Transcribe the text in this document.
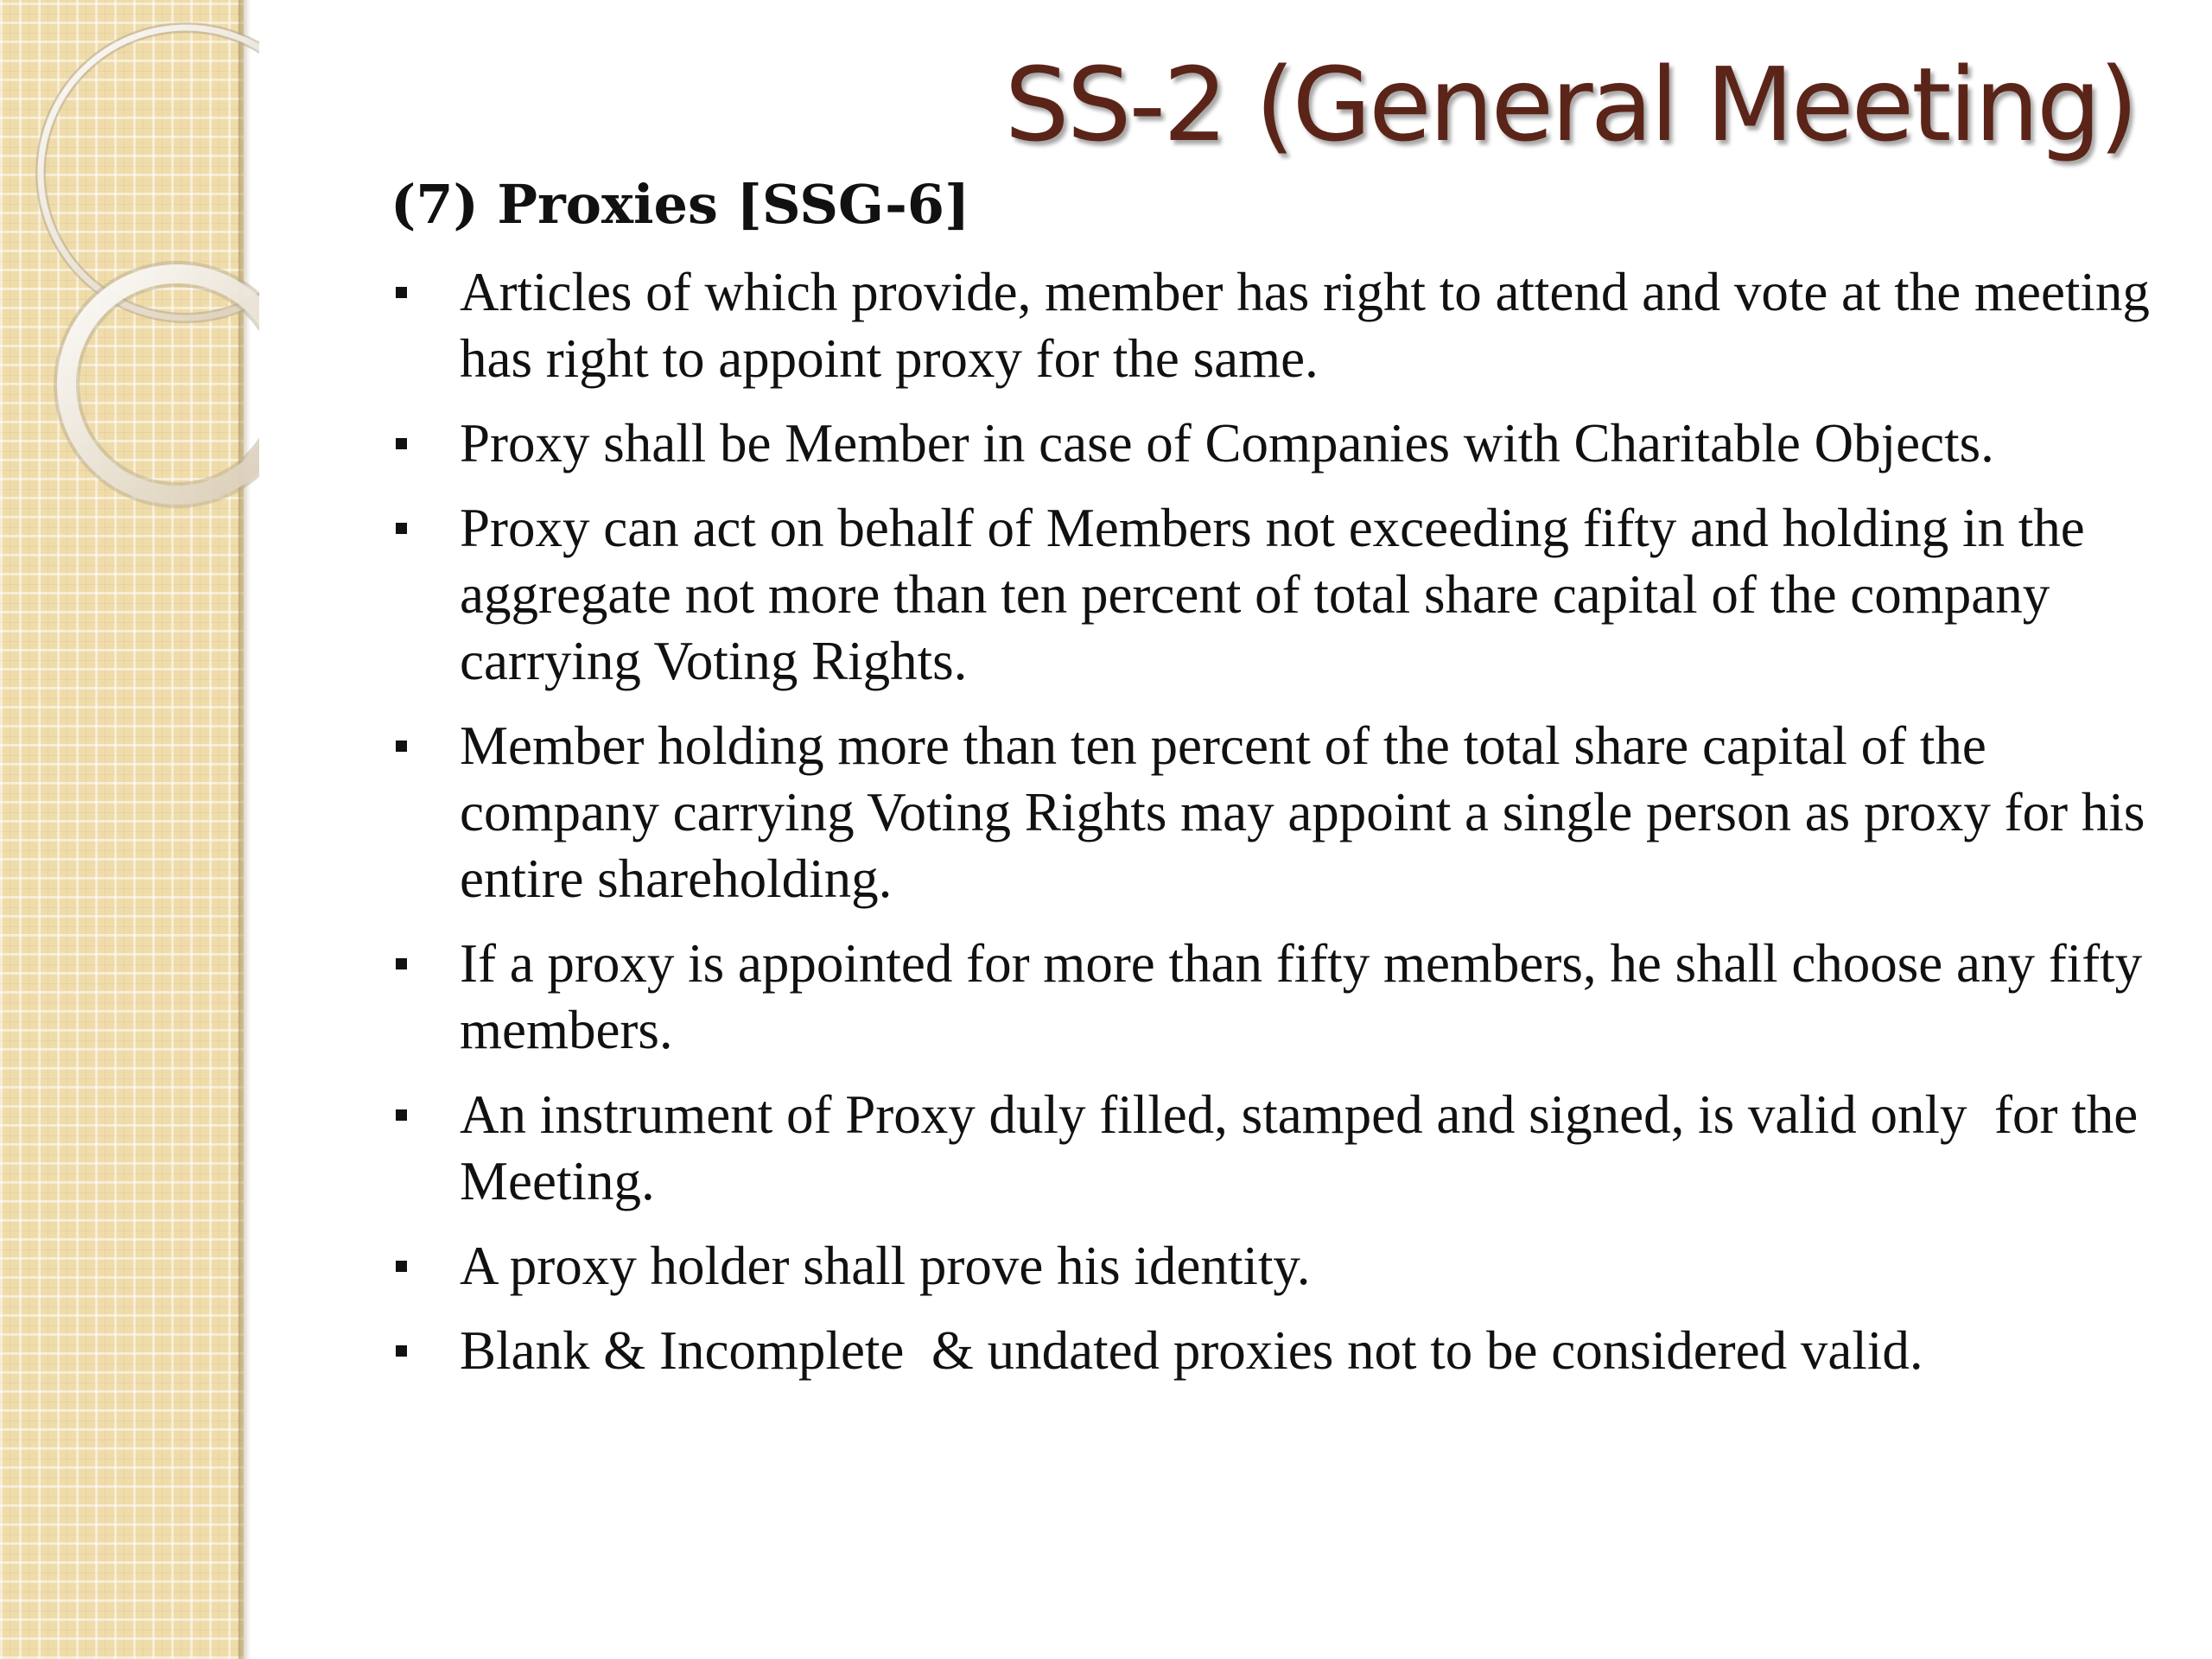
SS-2 (General Meeting)
(7) Proxies [SSG-6]
Articles of which provide, member has right to attend and vote at the meeting has right to appoint proxy for the same.
Proxy shall be Member in case of Companies with Charitable Objects.
Proxy can act on behalf of Members not exceeding fifty and holding in the aggregate not more than ten percent of total share capital of the company carrying Voting Rights.
Member holding more than ten percent of the total share capital of the company carrying Voting Rights may appoint a single person as proxy for his entire shareholding.
If a proxy is appointed for more than fifty members, he shall choose any fifty members.
An instrument of Proxy duly filled, stamped and signed, is valid only  for the Meeting.
A proxy holder shall prove his identity.
Blank & Incomplete  & undated proxies not to be considered valid.
